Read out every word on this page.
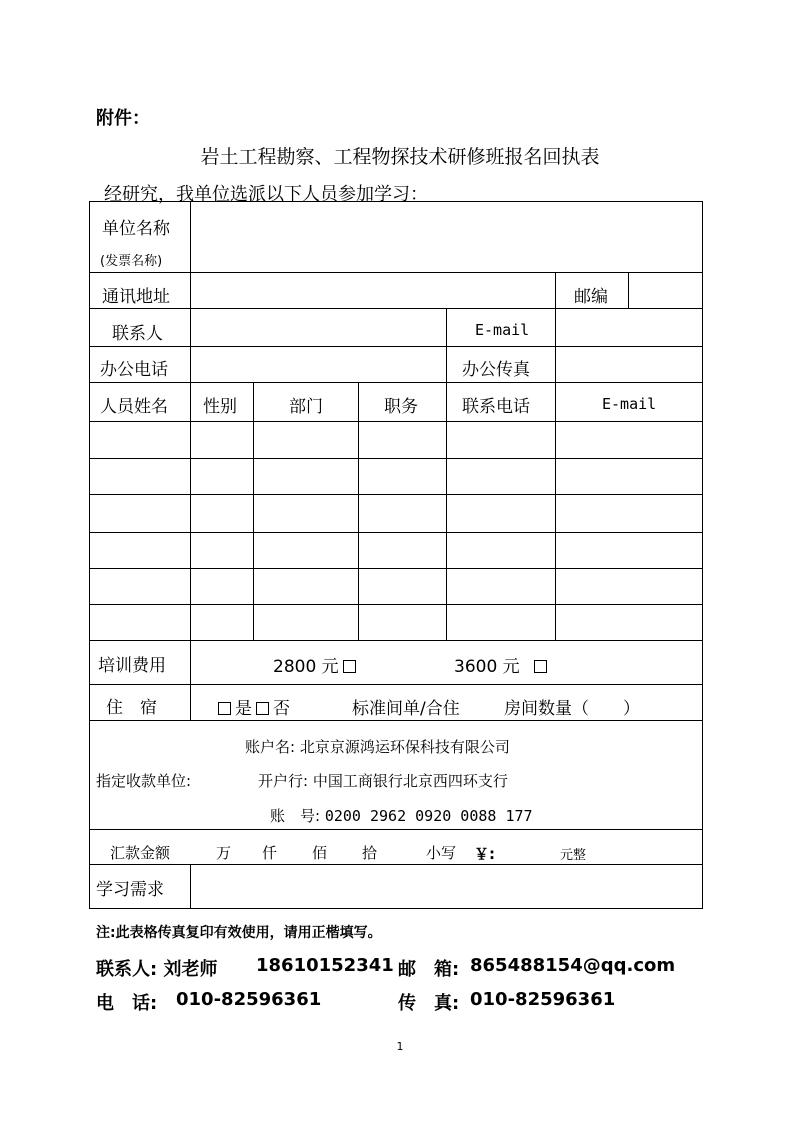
附件：
岩土工程勘察、工程物探技术研修班报名回执表
经研究，我单位选派以下人员参加学习：
单位名称
(发票名称)
通讯地址	邮编
联系人	E-mail
办公电话	办公传真
人员姓名 性别	部门	职务	联系电话	E-mail
培训费用	2800 元	3600 元
住　宿	是 否	标准间单/合住	房间数量（　　）
账户名: 北京京源鸿运环保科技有限公司
指定收款单位:	开户行: 中国工商银行北京西四环支行
账　号: 0200 2962 0920 0088 177
汇款金额	万 仟 佰 拾	小写 ￥:	元整
学习需求
注:此表格传真复印有效使用，请用正楷填写。
联系人: 刘老师 18610152341 邮　箱: 865488154@qq.com
电　话: 010-82596361	传　真: 010-82596361
1
